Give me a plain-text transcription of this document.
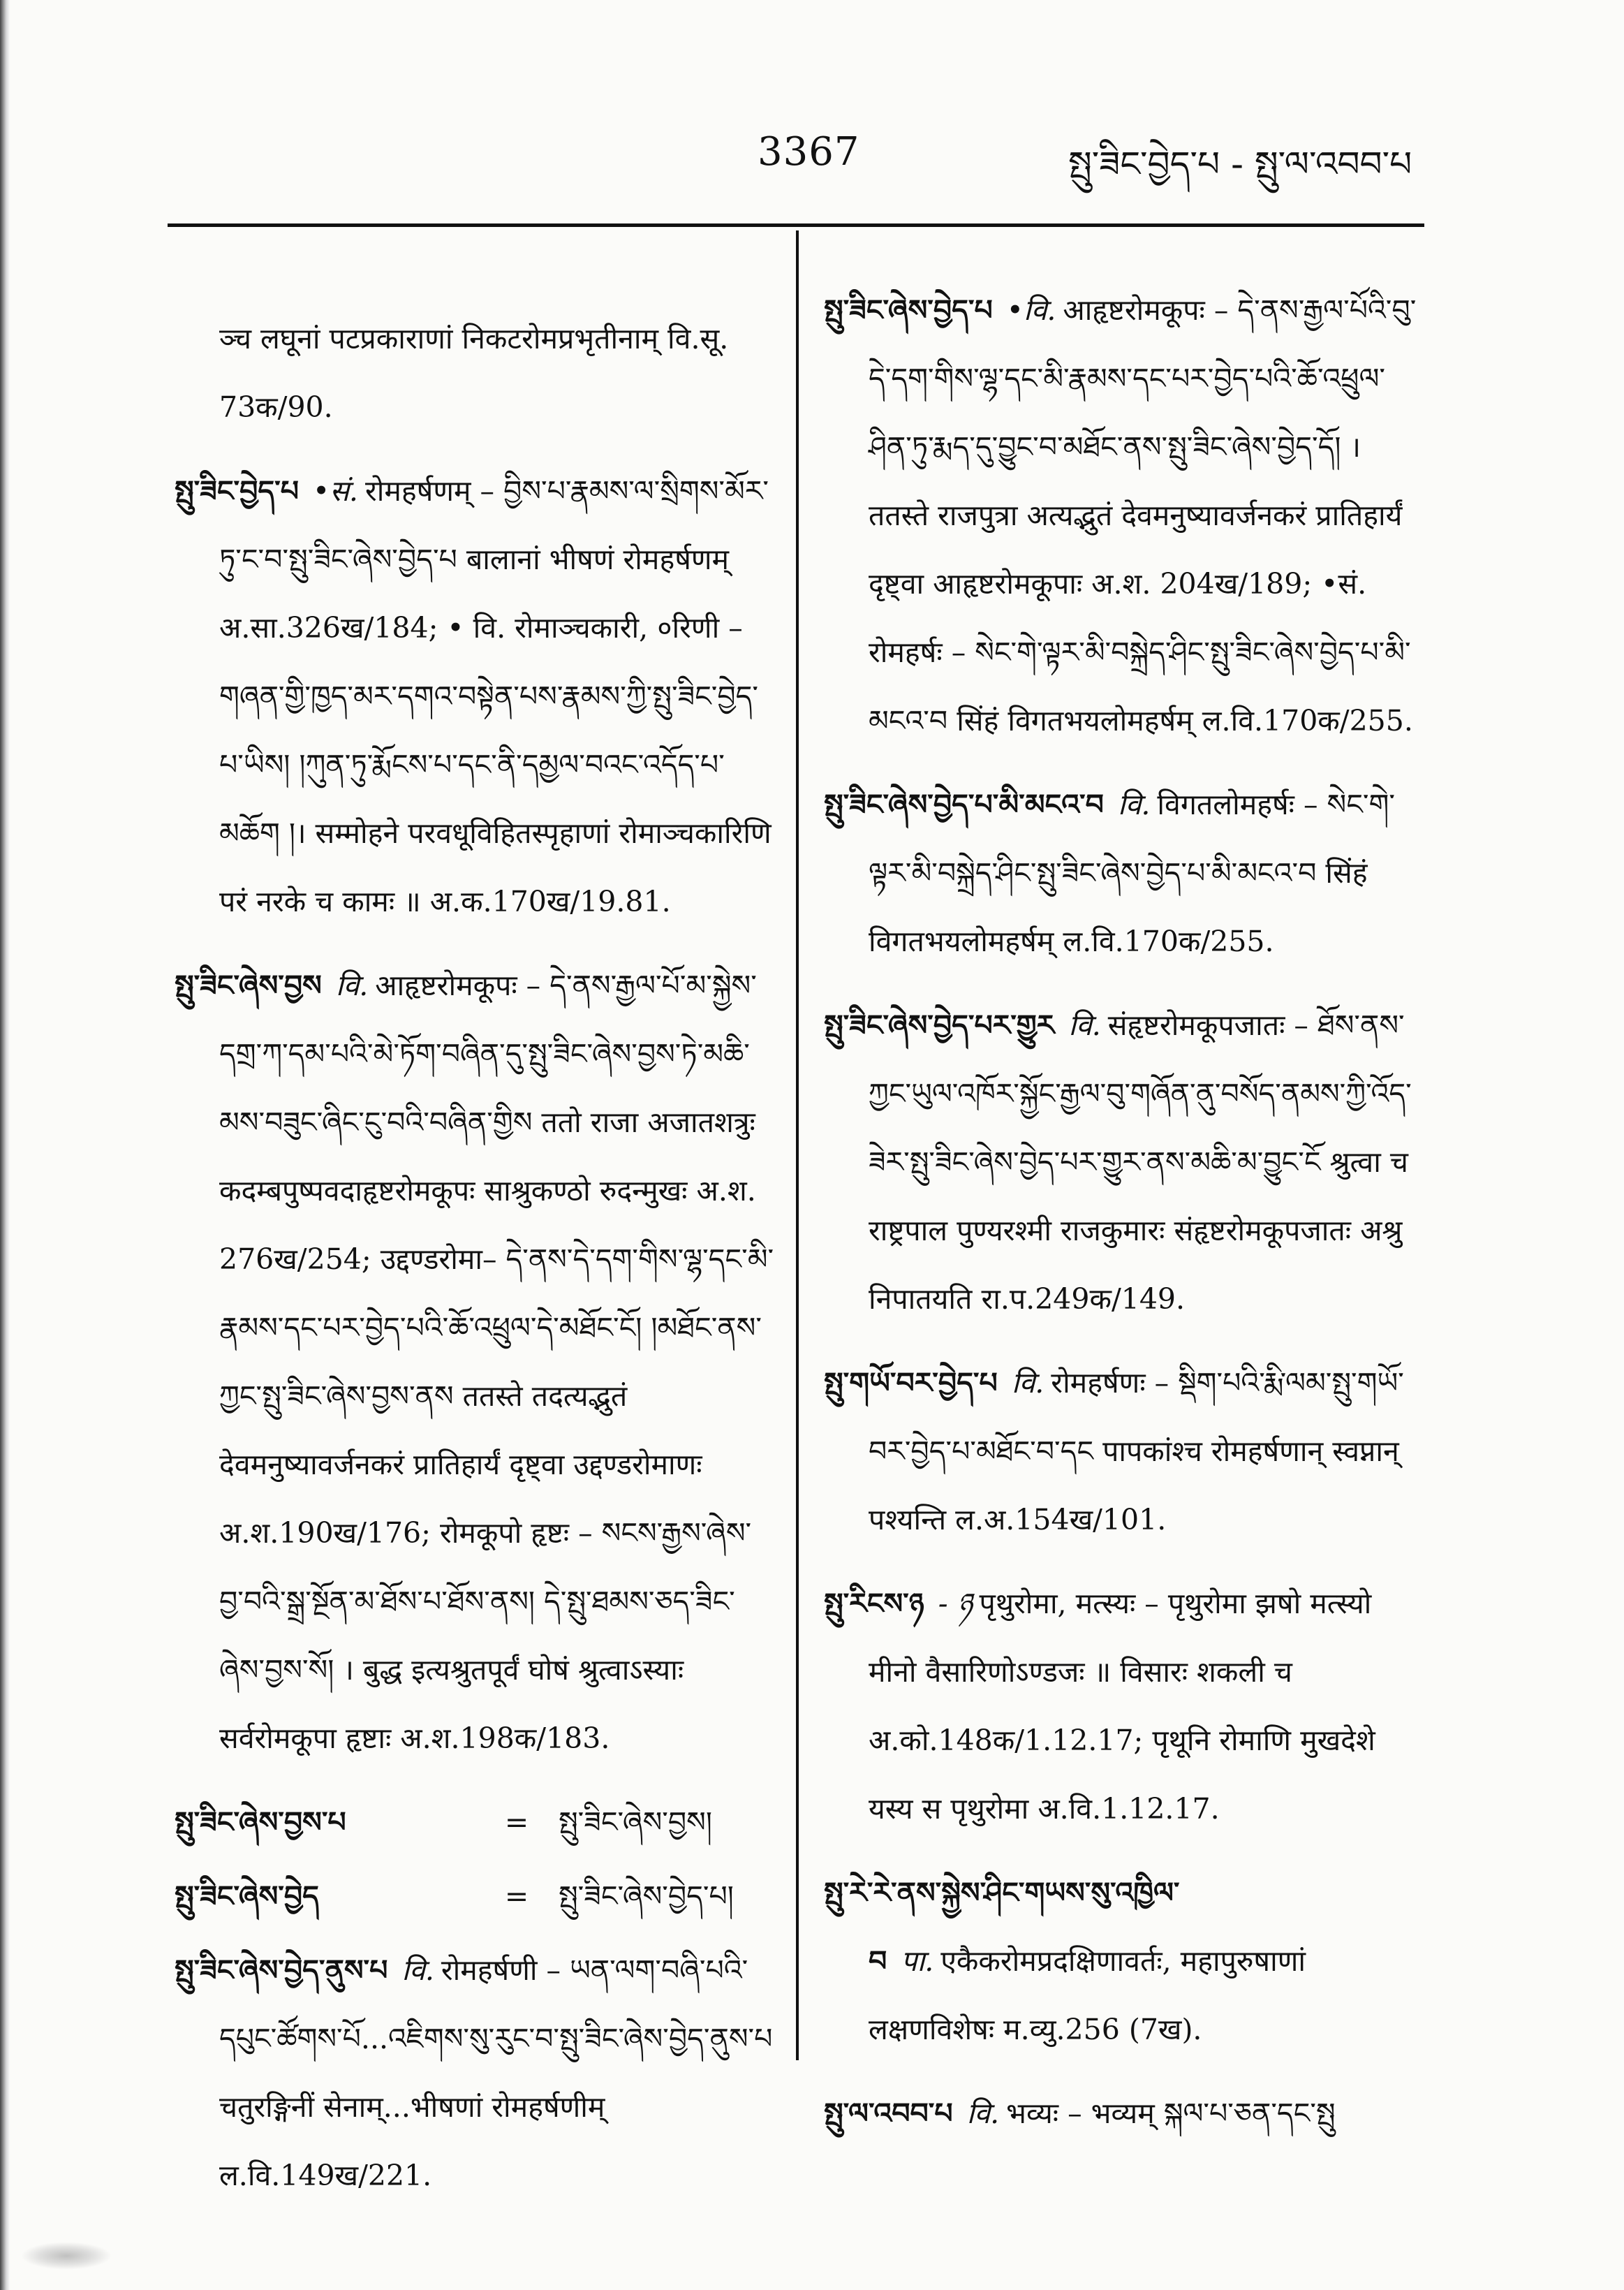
3367	སྤུ་ཟིང་བྱེད་པ - སྤུ་ལ་འབབ་པ

ञ्च लघूनां पटप्रकाराणां निकटरोमप्रभृतीनाम् वि.सू. 73क/90.

སྤུ་ཟིང་བྱེད་པ •सं. रोमहर्षणम् – བྱིས་པ་རྣམས་ལ་སྲིགས་མོར་ཏུ་ང་བ་སྤུ་ཟིང་ཞེས་བྱེད་པ बालानां भीषणं रोमहर्षणम् अ.सा.326ख/184; • वि. रोमाञ्चकारी, ०रिणी – གཞན་གྱི་ཁྱད་མར་དགའ་བསྟེན་པས་རྣམས་ཀྱི་སྤུ་ཟིང་བྱེད་པ་ཡིས། །ཀུན་ཏུ་རྨོངས་པ་དང་ནི་དམྱལ་བའང་འདོད་པ་མཆོག །। सम्मोहने परवधूविहितस्पृहाणां रोमाञ्चकारिणि परं नरके च कामः ॥ अ.क.170ख/19.81.

སྤུ་ཟིང་ཞེས་བྱས वि. आहृष्टरोमकूपः – དེ་ནས་རྒྱལ་པོ་མ་སྐྱེས་དགྲ་ཀ་དམ་པའི་མེ་ཏོག་བཞིན་དུ་སྤུ་ཟིང་ཞེས་བྱས་ཏེ་མཆི་མས་བཟུང་ཞིང་ངུ་བའི་བཞིན་གྱིས ततो राजा अजातशत्रुः कदम्बपुष्पवदाहृष्टरोमकूपः साश्रुकण्ठो रुदन्मुखः अ.श. 276ख/254; उद्दण्डरोमा– དེ་ནས་དེ་དག་གིས་ལྷ་དང་མི་རྣམས་དང་པར་བྱེད་པའི་ཆོ་འཕྲུལ་དེ་མཐོང་ངོ། །མཐོང་ནས་ཀྱང་སྤུ་ཟིང་ཞེས་བྱས་ནས ततस्ते तदत्यद्भुतं देवमनुष्यावर्जनकरं प्रातिहार्यं दृष्ट्वा उद्दण्डरोमाणः अ.श.190ख/176; रोमकूपो हृष्टः – སངས་རྒྱས་ཞེས་བྱ་བའི་སྒྲ་སྔོན་མ་ཐོས་པ་ཐོས་ནས། དེ་སྤུ་ཐམས་ཅད་ཟིང་ཞེས་བྱས་སོ། । बुद्ध इत्यश्रुतपूर्वं घोषं श्रुत्वाऽस्याः सर्वरोमकूपा हृष्टाः अ.श.198क/183.

སྤུ་ཟིང་ཞེས་བྱས་པ	=	སྤུ་ཟིང་ཞེས་བྱས།
སྤུ་ཟིང་ཞེས་བྱེད	=	སྤུ་ཟིང་ཞེས་བྱེད་པ།

སྤུ་ཟིང་ཞེས་བྱེད་ནུས་པ वि. रोमहर्षणी – ཡན་ལག་བཞི་པའི་དཔུང་ཚོགས་པོ...འཇིགས་སུ་རུང་བ་སྤུ་ཟིང་ཞེས་བྱེད་ནུས་པ चतुरङ्गिनीं सेनाम्...भीषणां रोमहर्षणीम् ल.वि.149ख/221.

སྤུ་ཟིང་ཞེས་བྱེད་པ •वि. आहृष्टरोमकूपः – དེ་ནས་རྒྱལ་པོའི་བུ་དེ་དག་གིས་ལྷ་དང་མི་རྣམས་དང་པར་བྱེད་པའི་ཆོ་འཕྲུལ་ཤིན་ཏུ་རྨད་དུ་བྱུང་བ་མཐོང་ནས་སྤུ་ཟིང་ཞེས་བྱེད་དོ། । ततस्ते राजपुत्रा अत्यद्भुतं देवमनुष्यावर्जनकरं प्रातिहार्यं दृष्ट्वा आहृष्टरोमकूपाः अ.श. 204ख/189; •सं. रोमहर्षः – སེང་གེ་ལྟར་མི་བསྐྲེད་ཤིང་སྤུ་ཟིང་ཞེས་བྱེད་པ་མི་མངའ་བ सिंहं विगतभयलोमहर्षम् ल.वि.170क/255.

སྤུ་ཟིང་ཞེས་བྱེད་པ་མི་མངའ་བ वि. विगतलोमहर्षः – སེང་གེ་ལྟར་མི་བསྐྲེད་ཤིང་སྤུ་ཟིང་ཞེས་བྱེད་པ་མི་མངའ་བ सिंहं विगतभयलोमहर्षम् ल.वि.170क/255.

སྤུ་ཟིང་ཞེས་བྱེད་པར་གྱུར वि. संहृष्टरोमकूपजातः – ཐོས་ནས་ཀྱང་ཡུལ་འཁོར་སྐྱོང་རྒྱལ་བུ་གཞོན་ནུ་བསོད་ནམས་ཀྱི་འོད་ཟེར་སྤུ་ཟིང་ཞེས་བྱེད་པར་གྱུར་ནས་མཆི་མ་བྱུང་ངོ श्रुत्वा च राष्ट्रपाल पुण्यरश्मी राजकुमारः संहृष्टरोमकूपजातः अश्रु निपातयति रा.प.249क/149.

སྤུ་གཡོ་བར་བྱེད་པ वि. रोमहर्षणः – སྡིག་པའི་རྨི་ལམ་སྤུ་གཡོ་བར་བྱེད་པ་མཐོང་བ་དང पापकांश्च रोमहर्षणान् स्वप्नान् पश्यन्ति ल.अ.154ख/101.

སྤུ་རིངས་ཉ - ཉ पृथुरोमा, मत्स्यः – पृथुरोमा झषो मत्स्यो मीनो वैसारिणोऽण्डजः ॥ विसारः शकली च अ.को.148क/1.12.17; पृथूनि रोमाणि मुखदेशे यस्य स पृथुरोमा अ.वि.1.12.17.

སྤུ་རེ་རེ་ནས་སྐྱེས་ཤིང་གཡས་སུ་འཁྱིལ་བ पा. एकैकरोमप्रदक्षिणावर्तः, महापुरुषाणां लक्षणविशेषः म.व्यु.256 (7ख).

སྤུ་ལ་འབབ་པ वि. भव्यः – भव्यम् སྐལ་པ་ཅན་དང་སྤུ
